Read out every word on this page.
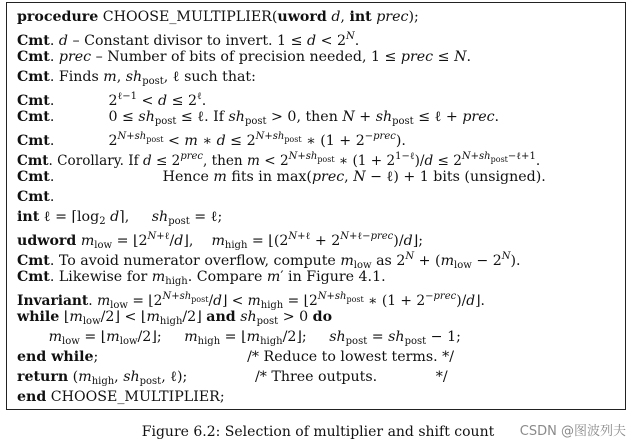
procedure CHOOSE_MULTIPLIER(uword d, int prec);
Cmt. d – Constant divisor to invert. $1 \le d < 2^N$.
Cmt. prec – Number of bits of precision needed, 1 ≤ prec ≤ N.
Cmt. Finds m, $sh_{post}$, ℓ such that:
Cmt.            $2^{\ell-1} < d \le 2^\ell$.
Cmt.            $0 \le sh_{post}$ ≤ ℓ. If $sh_{post} > 0$, then $N + sh_{post}$ ≤ ℓ + prec.
Cmt.            $2^{N+sh_{post}} < m$ ∗ $d \le 2^{N+sh_{post}}$ ∗ $(1 + 2^{-prec})$.
Cmt. Corollary. If $d \le 2^{prec}$, then $m < 2^{N+sh_{post}}$ ∗ $(1 + 2^{1-\ell})/d \le 2^{N+sh_{post}-\ell+1}$.
Cmt.                        Hence m fits in max(prec, N − ℓ) + 1 bits (unsigned).
Cmt.
int ℓ = $⌈\log_2$ d⌉,     $sh_{post}$ = ℓ;
udword $m_{low}$ = $⌊2^{N+\ell}/d⌋$,    $m_{high}$ = $⌊(2^{N+\ell}$ + $2^{N+\ell-prec})/d⌋$;
Cmt. To avoid numerator overflow, compute $m_{low}$ as $2^N + (m_{low} - 2^N)$.
Cmt. Likewise for $m_{high}$. Compare m′ in Figure 4.1.
Invariant. $m_{low}$ = $⌊2^{N+sh_{post}}/d⌋ < m_{high}$ = $⌊2^{N+sh_{post}}$ ∗ $(1 + 2^{-prec})/d⌋$.
while $⌊m_{low}/2⌋$ < $⌊m_{high}/2⌋$ and $sh_{post} > 0$ do
$m_{low}$ = $⌊m_{low}/2⌋$;     $m_{high}$ = $⌊m_{high}/2⌋$;     $sh_{post} = sh_{post} - 1$;
end while;                                 /* Reduce to lowest terms. */
return ($m_{high}$, $sh_{post}$, ℓ);               /* Three outputs.             */
end CHOOSE_MULTIPLIER;
Figure 6.2: Selection of multiplier and shift count	CSDN @图波列夫
